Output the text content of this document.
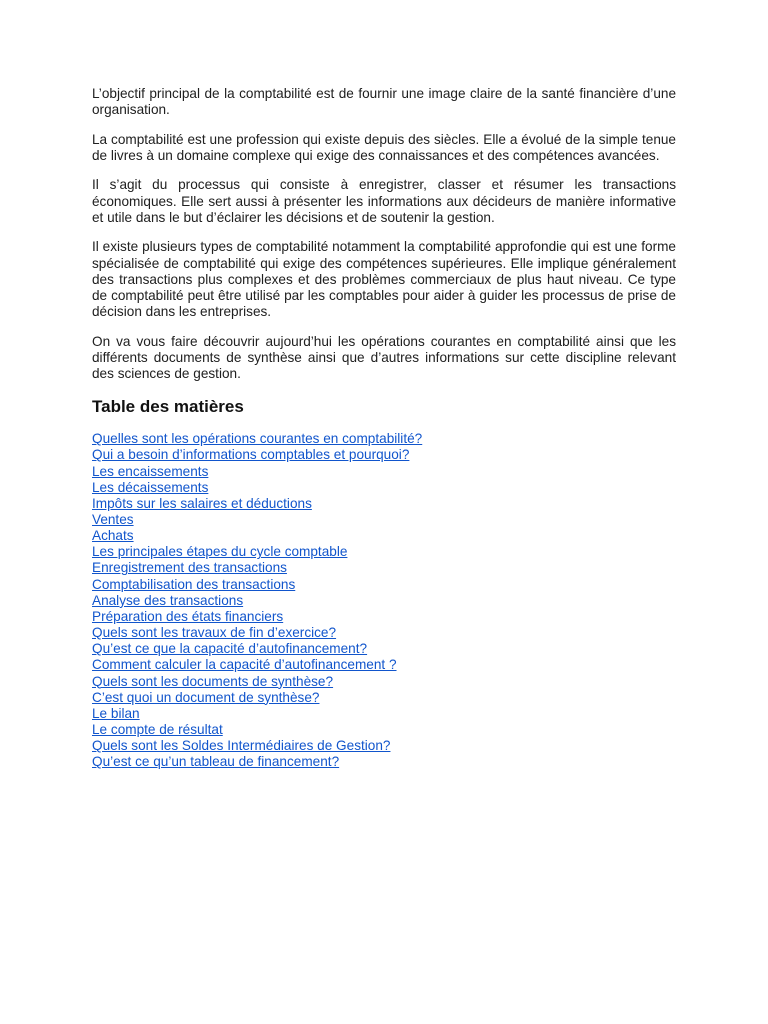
L’objectif principal de la comptabilité est de fournir une image claire de la santé financière d’une organisation.

La comptabilité est une profession qui existe depuis des siècles. Elle a évolué de la simple tenue de livres à un domaine complexe qui exige des connaissances et des compétences avancées.

Il s’agit du processus qui consiste à enregistrer, classer et résumer les transactions économiques. Elle sert aussi à présenter les informations aux décideurs de manière informative et utile dans le but d’éclairer les décisions et de soutenir la gestion.

Il existe plusieurs types de comptabilité notamment la comptabilité approfondie qui est une forme spécialisée de comptabilité qui exige des compétences supérieures. Elle implique généralement des transactions plus complexes et des problèmes commerciaux de plus haut niveau. Ce type de comptabilité peut être utilisé par les comptables pour aider à guider les processus de prise de décision dans les entreprises.

On va vous faire découvrir aujourd’hui les opérations courantes en comptabilité ainsi que les différents documents de synthèse ainsi que d’autres informations sur cette discipline relevant des sciences de gestion.

Table des matières
Quelles sont les opérations courantes en comptabilité?
Qui a besoin d’informations comptables et pourquoi?
Les encaissements
Les décaissements
Impôts sur les salaires et déductions
Ventes
Achats
Les principales étapes du cycle comptable
Enregistrement des transactions
Comptabilisation des transactions
Analyse des transactions
Préparation des états financiers
Quels sont les travaux de fin d’exercice?
Qu’est ce que la capacité d’autofinancement?
Comment calculer la capacité d’autofinancement ?
Quels sont les documents de synthèse?
C’est quoi un document de synthèse?
Le bilan
Le compte de résultat
Quels sont les Soldes Intermédiaires de Gestion?
Qu’est ce qu’un tableau de financement?
